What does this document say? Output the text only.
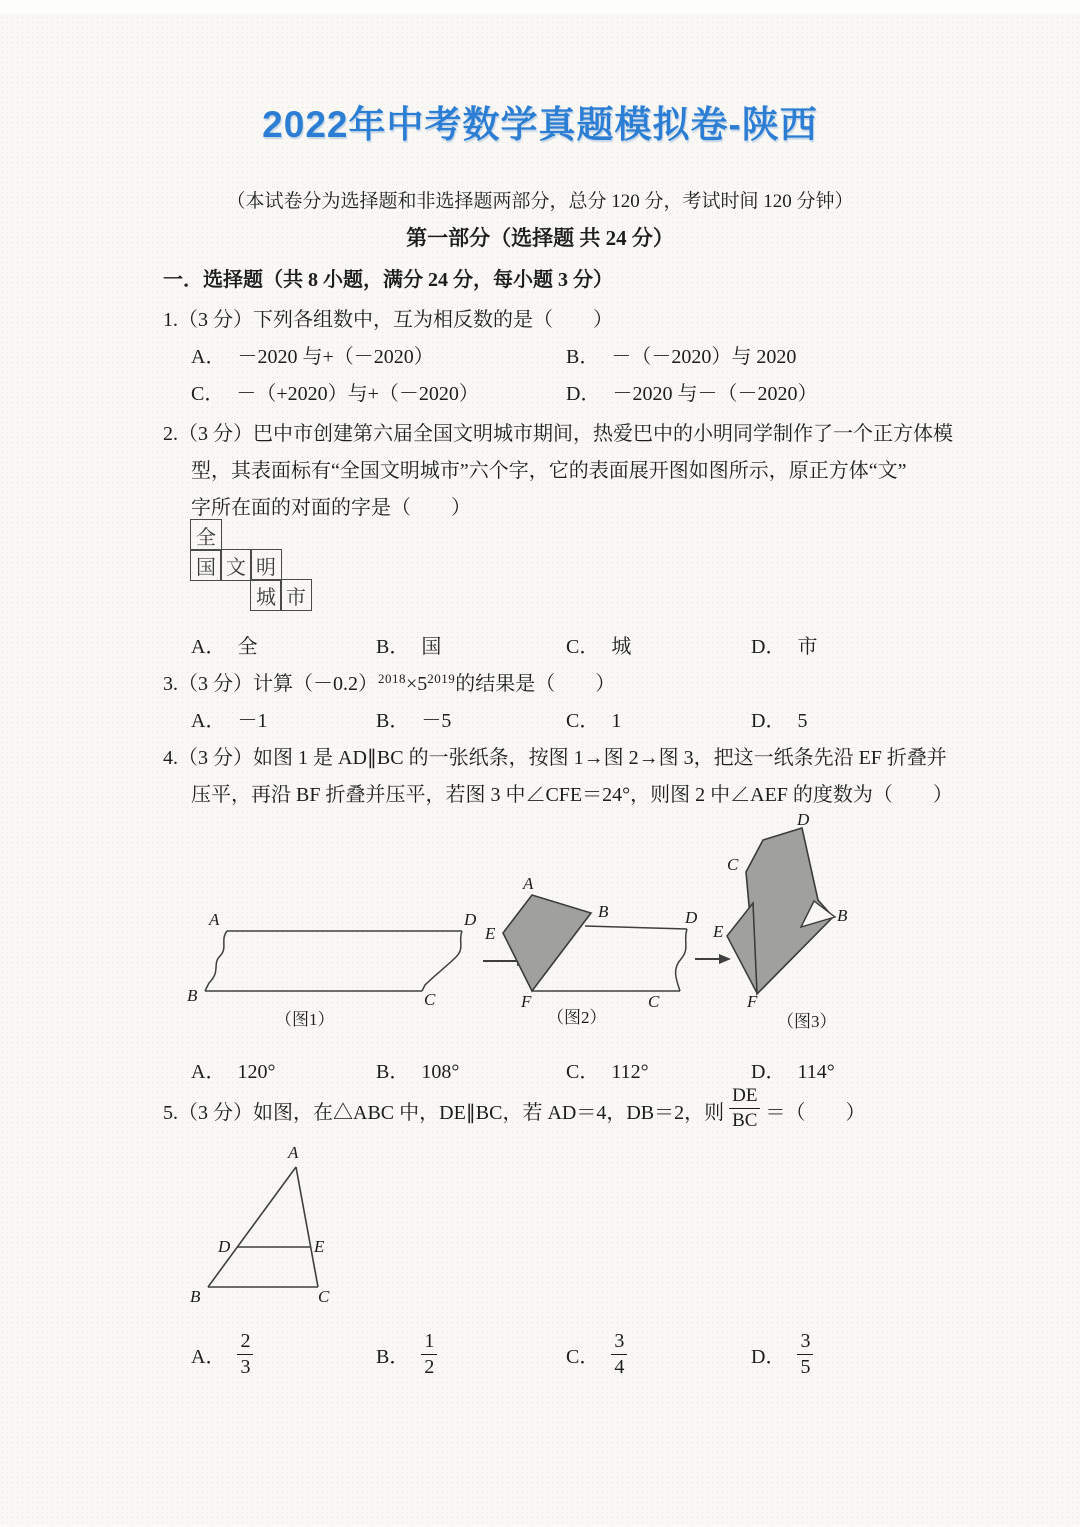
2022年中考数学真题模拟卷-陕西
（本试卷分为选择题和非选择题两部分，总分 120 分，考试时间 120 分钟）
第一部分（选择题 共 24 分）
一．选择题（共 8 小题，满分 24 分，每小题 3 分）
1.（3 分）下列各组数中，互为相反数的是（　　）
A． －2020 与+（－2020）	B． －（－2020）与 2020
C． －（+2020）与+（－2020）	D． －2020 与－（－2020）
2.（3 分）巴中市创建第六届全国文明城市期间，热爱巴中的小明同学制作了一个正方体模
型，其表面标有“全国文明城市”六个字，它的表面展开图如图所示，原正方体“文”
字所在面的对面的字是（　　）
全
国 文 明
城 市
A． 全	B． 国	C． 城	D． 市
3.（3 分）计算$(-0.2)^{2018}\times 5^{2019}$的结果是（　　）
A． －1	B． －5	C． 1	D． 5
4.（3 分）如图 1 是 AD∥BC 的一张纸条，按图 1→图 2→图 3，把这一纸条先沿 EF 折叠并
压平，再沿 BF 折叠并压平，若图 3 中∠CFE＝24°，则图 2 中∠AEF 的度数为（　　）
A	D
B	C
（图1）
A
B
E
D
C
F
（图2）
D
C
E
B
F
（图3）
A． 120°	B． 108°	C． 112°	D． 114°
5.（3 分）如图，在△ABC 中，DE∥BC，若 AD＝4，DB＝2，则 $\frac{DE}{BC}$ ＝（　　）
A
B	C
D	E
A． $\frac{2}{3}$	B． $\frac{1}{2}$	C． $\frac{3}{4}$	D． $\frac{3}{5}$
